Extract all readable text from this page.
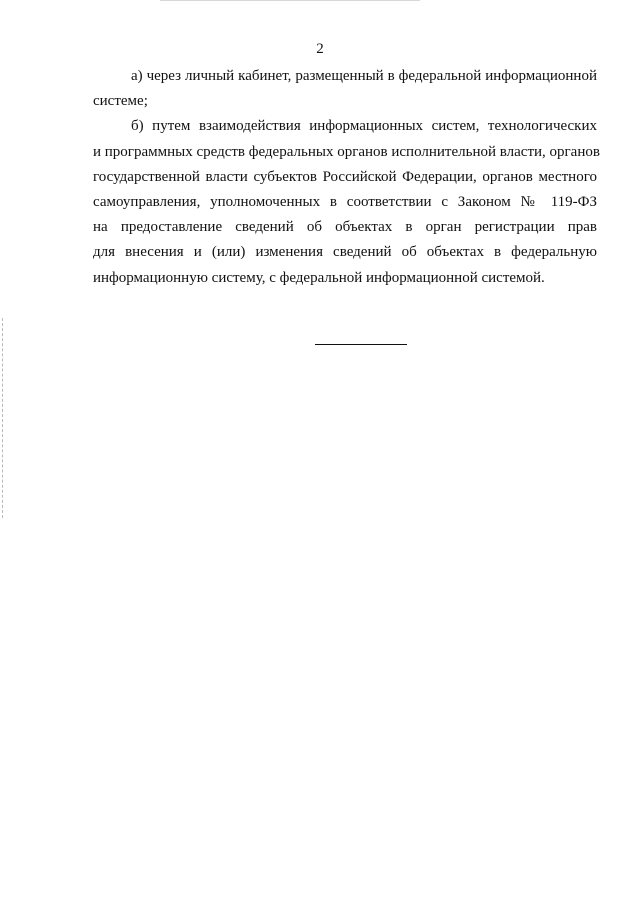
2

а) через личный кабинет, размещенный в федеральной информационной
системе;

б) путем взаимодействия информационных систем, технологических
и программных средств федеральных органов исполнительной власти, органов
государственной власти субъектов Российской Федерации, органов местного
самоуправления, уполномоченных в соответствии с Законом № 119-ФЗ
на предоставление сведений об объектах в орган регистрации прав
для внесения и (или) изменения сведений об объектах в федеральную
информационную систему, с федеральной информационной системой.
